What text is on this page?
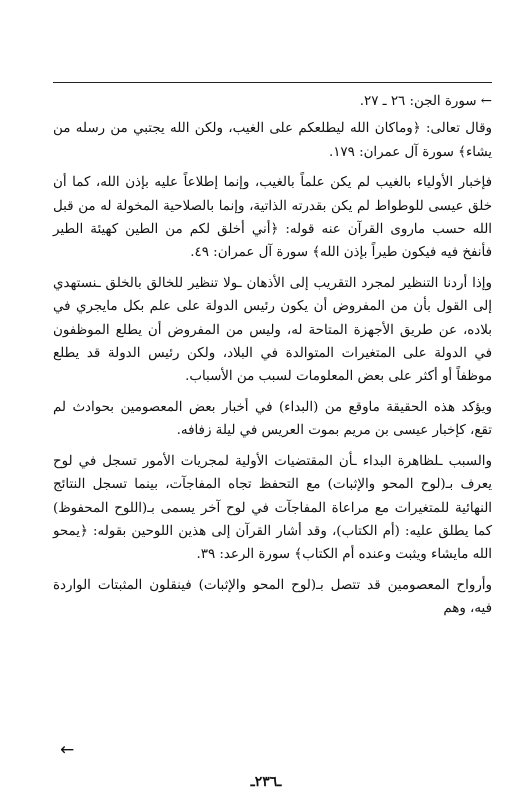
← سورة الجن: ٢٦ ـ ٢٧.

وقال تعالى: ﴿وماكان الله ليطلعكم على الغيب، ولكن الله يجتبي من رسله من يشاء﴾ سورة آل عمران: ١٧٩.

فإخبار الأولياء بالغيب لم يكن علماً بالغيب، وإنما إطلاعاً عليه بإذن الله، كما أن خلق عيسى للوطواط لم يكن بقدرته الذاتية، وإنما بالصلاحية المخولة له من قبل الله حسب ماروى القرآن عنه قوله: ﴿أني أخلق لكم من الطين كهيئة الطير فأنفخ فيه فيكون طيراً بإذن الله﴾ سورة آل عمران: ٤٩.

وإذا أردنا التنظير لمجرد التقريب إلى الأذهان ـولا تنظير للخالق بالخلق ـنستهدي إلى القول بأن من المفروض أن يكون رئيس الدولة على علم بكل مايجري في بلاده، عن طريق الأجهزة المتاحة له، وليس من المفروض أن يطلع الموظفون في الدولة على المتغيرات المتوالدة في البلاد، ولكن رئيس الدولة قد يطلع موظفاً أو أكثر على بعض المعلومات لسبب من الأسباب.

ويؤكد هذه الحقيقة ماوقع من (البداء) في أخبار بعض المعصومين بحوادث لم تقع، كإخبار عيسى بن مريم بموت العريس في ليلة زفافه.

والسبب ـلظاهرة البداء ـأن المقتضيات الأولية لمجريات الأمور تسجل في لوح يعرف بـ(لوح المحو والإثبات) مع التحفظ تجاه المفاجآت، بينما تسجل النتائج النهائية للمتغيرات مع مراعاة المفاجآت في لوح آخر يسمى بـ(اللوح المحفوظ) كما يطلق عليه: (أم الكتاب)، وقد أشار القرآن إلى هذين اللوحين بقوله: ﴿يمحو الله مايشاء ويثبت وعنده أم الكتاب﴾ سورة الرعد: ٣٩.

وأرواح المعصومين قد تتصل بـ(لوح المحو والإثبات) فينقلون المثبتات الواردة فيه، وهم

←
ـ٢٣٦ـ
